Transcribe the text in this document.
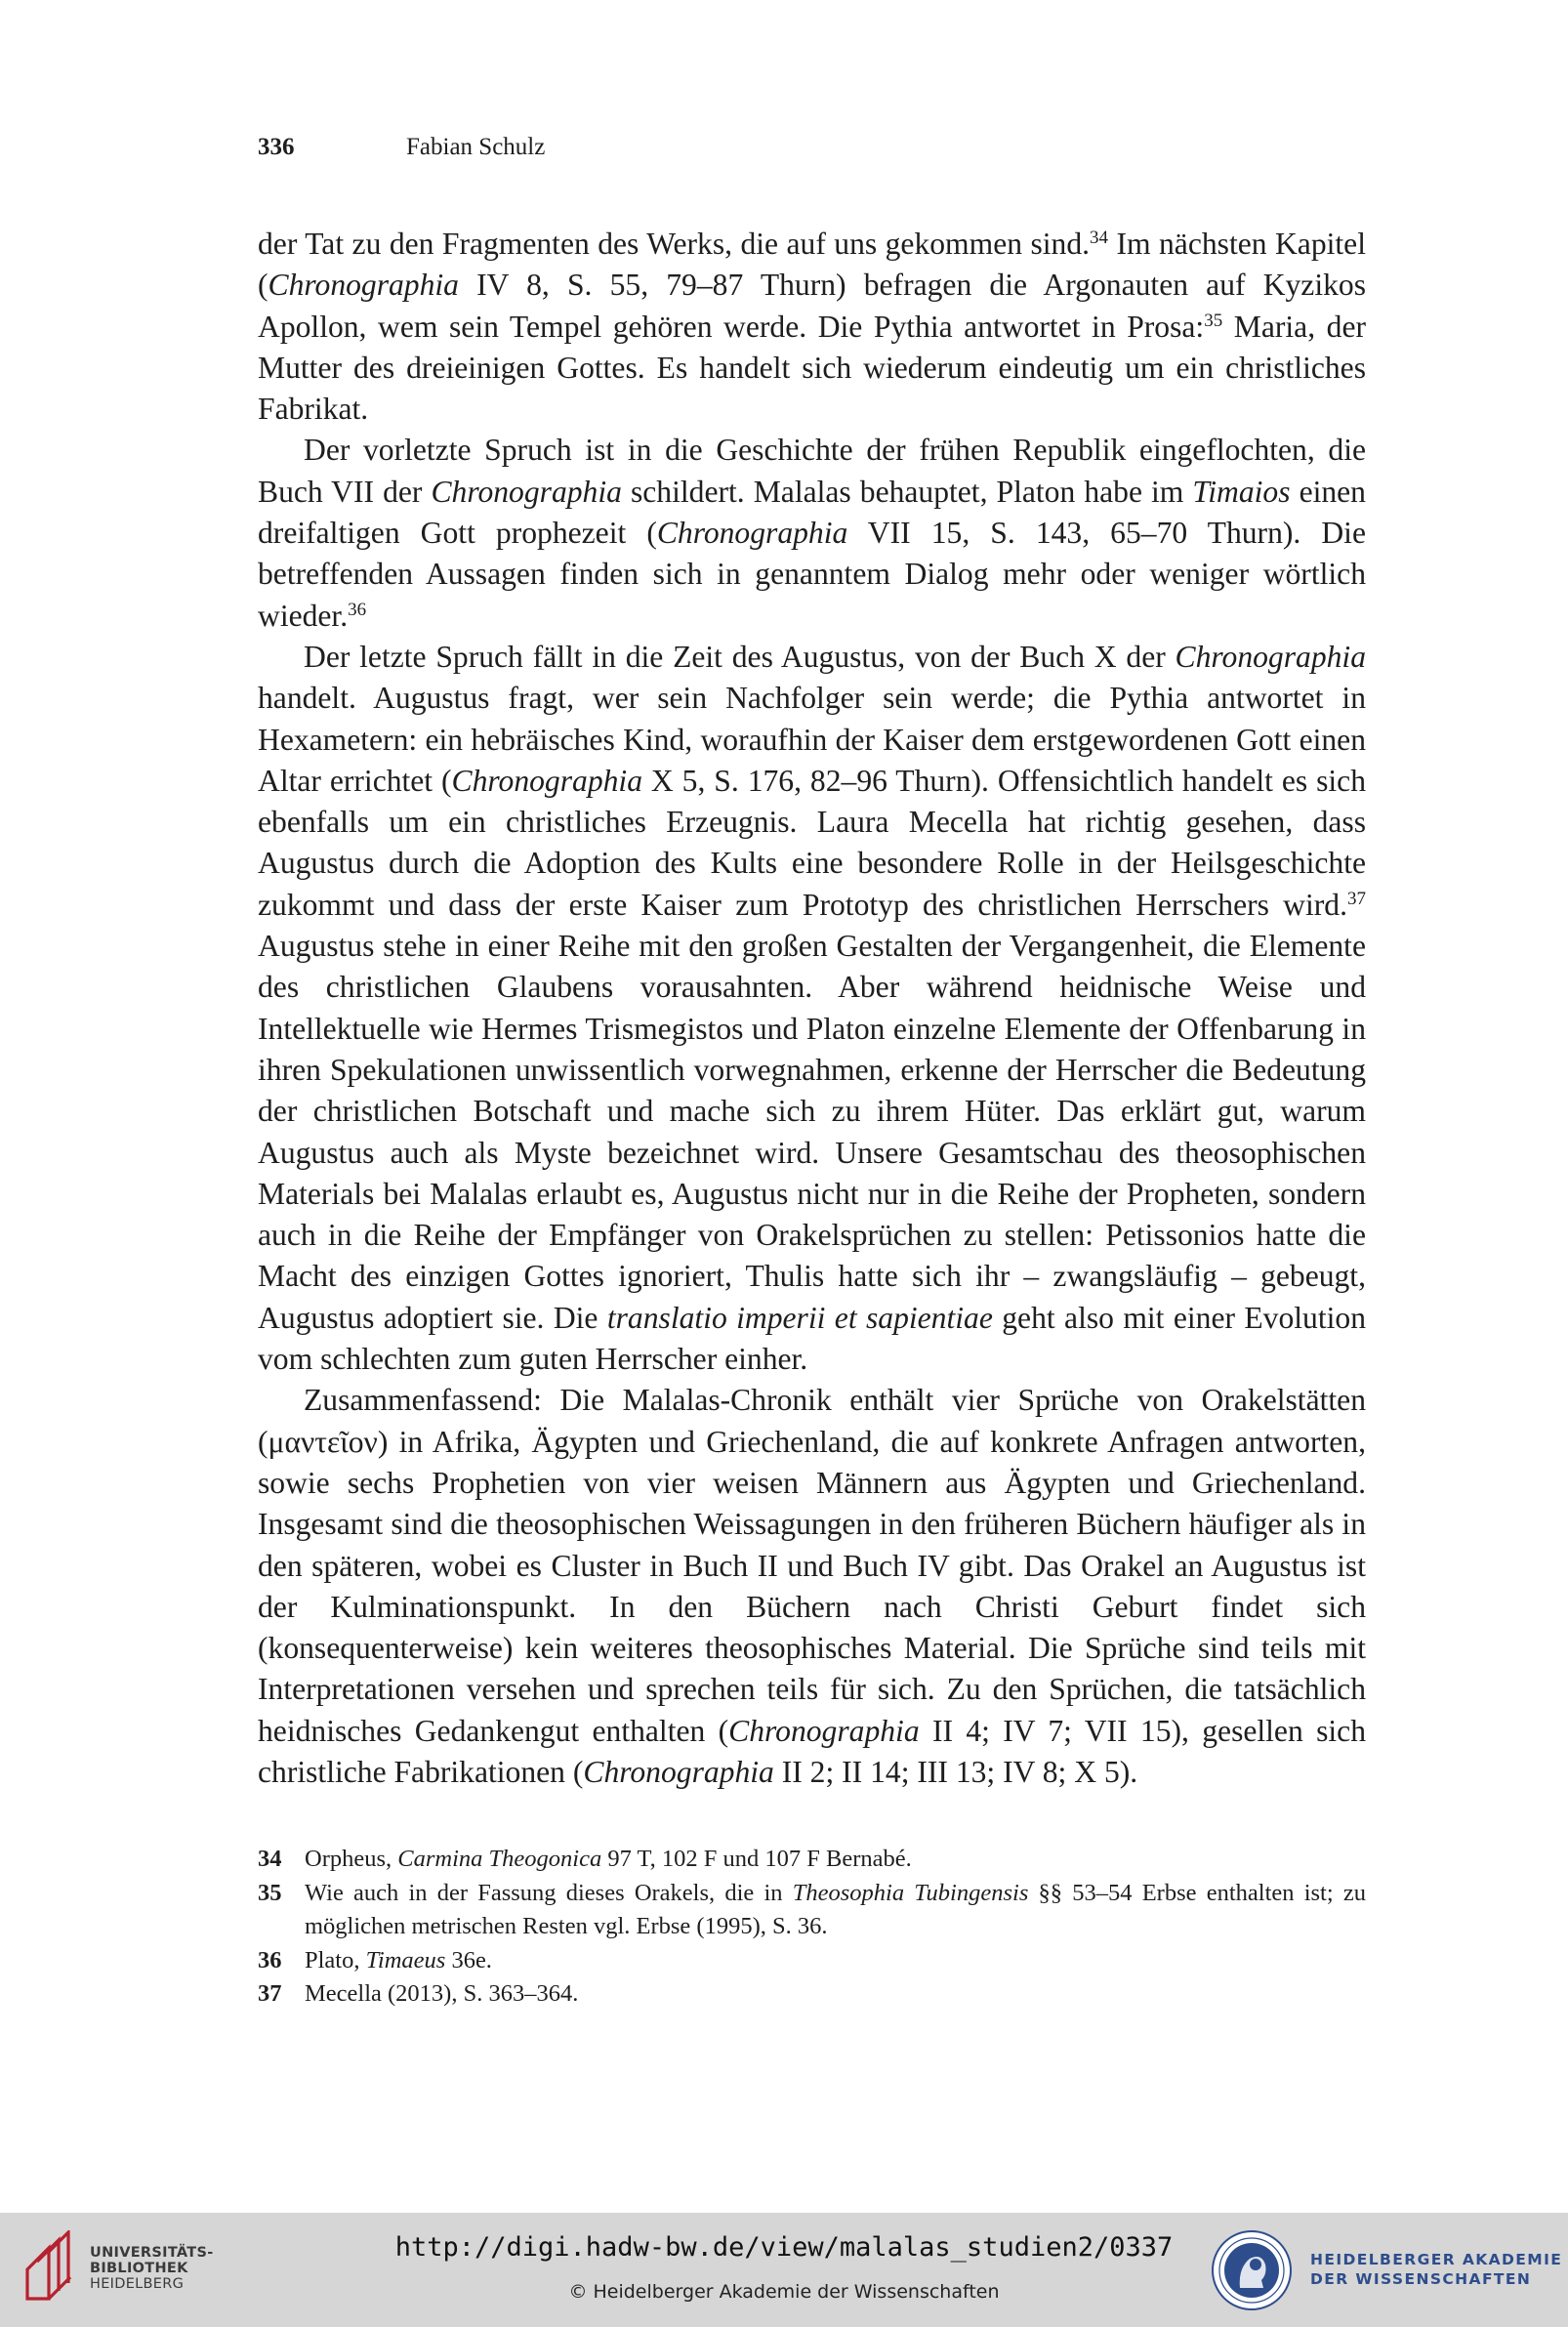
336	Fabian Schulz

der Tat zu den Fragmenten des Werks, die auf uns gekommen sind.$^{34}$ Im nächsten Kapitel (Chronographia IV 8, S. 55, 79–87 Thurn) befragen die Argonauten auf Kyzikos Apollon, wem sein Tempel gehören werde. Die Pythia antwortet in Prosa:$^{35}$ Maria, der Mutter des dreieinigen Gottes. Es handelt sich wiederum eindeutig um ein christliches Fabrikat.

Der vorletzte Spruch ist in die Geschichte der frühen Republik eingeflochten, die Buch VII der Chronographia schildert. Malalas behauptet, Platon habe im Timaios einen dreifaltigen Gott prophezeit (Chronographia VII 15, S. 143, 65–70 Thurn). Die betreffenden Aussagen finden sich in genanntem Dialog mehr oder weniger wörtlich wieder.$^{36}$

Der letzte Spruch fällt in die Zeit des Augustus, von der Buch X der Chronographia handelt. Augustus fragt, wer sein Nachfolger sein werde; die Pythia antwortet in Hexametern: ein hebräisches Kind, woraufhin der Kaiser dem erstgewordenen Gott einen Altar errichtet (Chronographia X 5, S. 176, 82–96 Thurn). Offensichtlich handelt es sich ebenfalls um ein christliches Erzeugnis. Laura Mecella hat richtig gesehen, dass Augustus durch die Adoption des Kults eine besondere Rolle in der Heilsgeschichte zukommt und dass der erste Kaiser zum Prototyp des christlichen Herrschers wird.$^{37}$ Augustus stehe in einer Reihe mit den großen Gestalten der Vergangenheit, die Elemente des christlichen Glaubens vorausahnten. Aber während heidnische Weise und Intellektuelle wie Hermes Trismegistos und Platon einzelne Elemente der Offenbarung in ihren Spekulationen unwissentlich vorwegnahmen, erkenne der Herrscher die Bedeutung der christlichen Botschaft und mache sich zu ihrem Hüter. Das erklärt gut, warum Augustus auch als Myste bezeichnet wird. Unsere Gesamtschau des theosophischen Materials bei Malalas erlaubt es, Augustus nicht nur in die Reihe der Propheten, sondern auch in die Reihe der Empfänger von Orakelsprüchen zu stellen: Petissonios hatte die Macht des einzigen Gottes ignoriert, Thulis hatte sich ihr – zwangsläufig – gebeugt, Augustus adoptiert sie. Die translatio imperii et sapientiae geht also mit einer Evolution vom schlechten zum guten Herrscher einher.

Zusammenfassend: Die Malalas-Chronik enthält vier Sprüche von Orakelstätten (μαντεῖον) in Afrika, Ägypten und Griechenland, die auf konkrete Anfragen antworten, sowie sechs Prophetien von vier weisen Männern aus Ägypten und Griechenland. Insgesamt sind die theosophischen Weissagungen in den früheren Büchern häufiger als in den späteren, wobei es Cluster in Buch II und Buch IV gibt. Das Orakel an Augustus ist der Kulminationspunkt. In den Büchern nach Christi Geburt findet sich (konsequenterweise) kein weiteres theosophisches Material. Die Sprüche sind teils mit Interpretationen versehen und sprechen teils für sich. Zu den Sprüchen, die tatsächlich heidnisches Gedankengut enthalten (Chronographia II 4; IV 7; VII 15), gesellen sich christliche Fabrikationen (Chronographia II 2; II 14; III 13; IV 8; X 5).

34 Orpheus, Carmina Theogonica 97 T, 102 F und 107 F Bernabé.
35 Wie auch in der Fassung dieses Orakels, die in Theosophia Tubingensis §§ 53–54 Erbse enthalten ist; zu möglichen metrischen Resten vgl. Erbse (1995), S. 36.
36 Plato, Timaeus 36e.
37 Mecella (2013), S. 363–364.
UNIVERSITÄTS-
BIBLIOTHEK
HEIDELBERG
http://digi.hadw-bw.de/view/malalas_studien2/0337
© Heidelberger Akademie der Wissenschaften
HEIDELBERGER AKADEMIE
DER WISSENSCHAFTEN
